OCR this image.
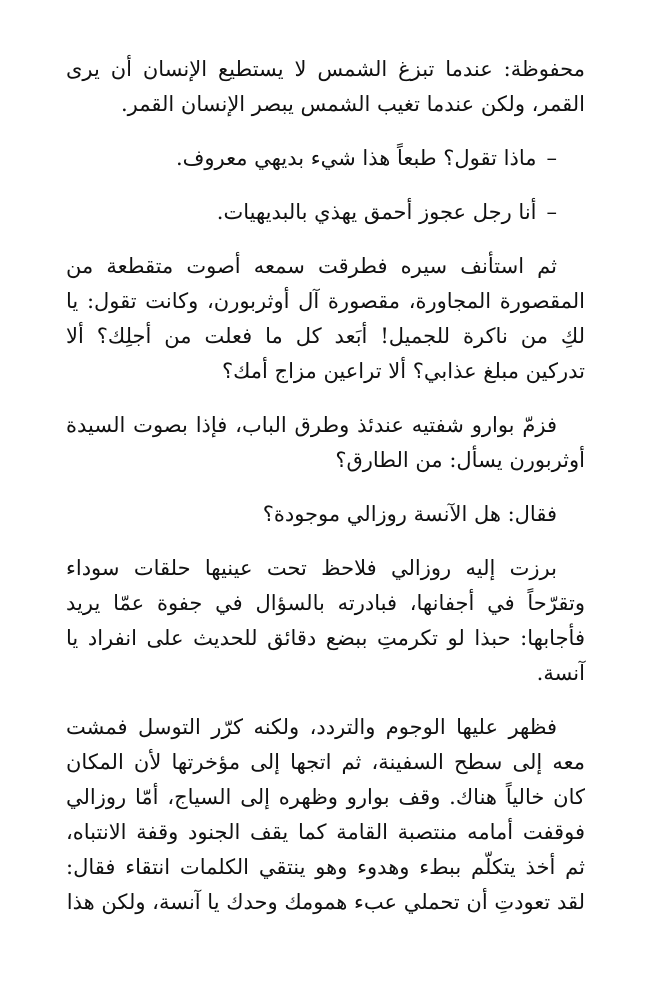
محفوظة: عندما تبزغ الشمس لا يستطيع الإنسان أن يرى القمر، ولكن عندما تغيب الشمس يبصر الإنسان القمر.

–ماذا تقول؟ طبعاً هذا شيء بديهي معروف.

–أنا رجل عجوز أحمق يهذي بالبديهيات.

ثم استأنف سيره فطرقت سمعه أصوت متقطعة من المقصورة المجاورة، مقصورة آل أوثربورن، وكانت تقول: يا لكِ من ناكرة للجميل! أبَعد كل ما فعلت من أجلِك؟ ألا تدركين مبلغ عذابي؟ ألا تراعين مزاج أمك؟

فزمّ بوارو شفتيه عندئذ وطرق الباب، فإذا بصوت السيدة أوثربورن يسأل: من الطارق؟

فقال: هل الآنسة روزالي موجودة؟

برزت إليه روزالي فلاحظ تحت عينيها حلقات سوداء وتقرّحاً في أجفانها، فبادرته بالسؤال في جفوة عمّا يريد فأجابها: حبذا لو تكرمتِ ببضع دقائق للحديث على انفراد يا آنسة.

فظهر عليها الوجوم والتردد، ولكنه كرّر التوسل فمشت معه إلى سطح السفينة، ثم اتجها إلى مؤخرتها لأن المكان كان خالياً هناك. وقف بوارو وظهره إلى السياج، أمّا روزالي فوقفت أمامه منتصبة القامة كما يقف الجنود وقفة الانتباه، ثم أخذ يتكلّم ببطء وهدوء وهو ينتقي الكلمات انتقاء فقال: لقد تعودتِ أن تحملي عبء همومك وحدك يا آنسة، ولكن هذا
